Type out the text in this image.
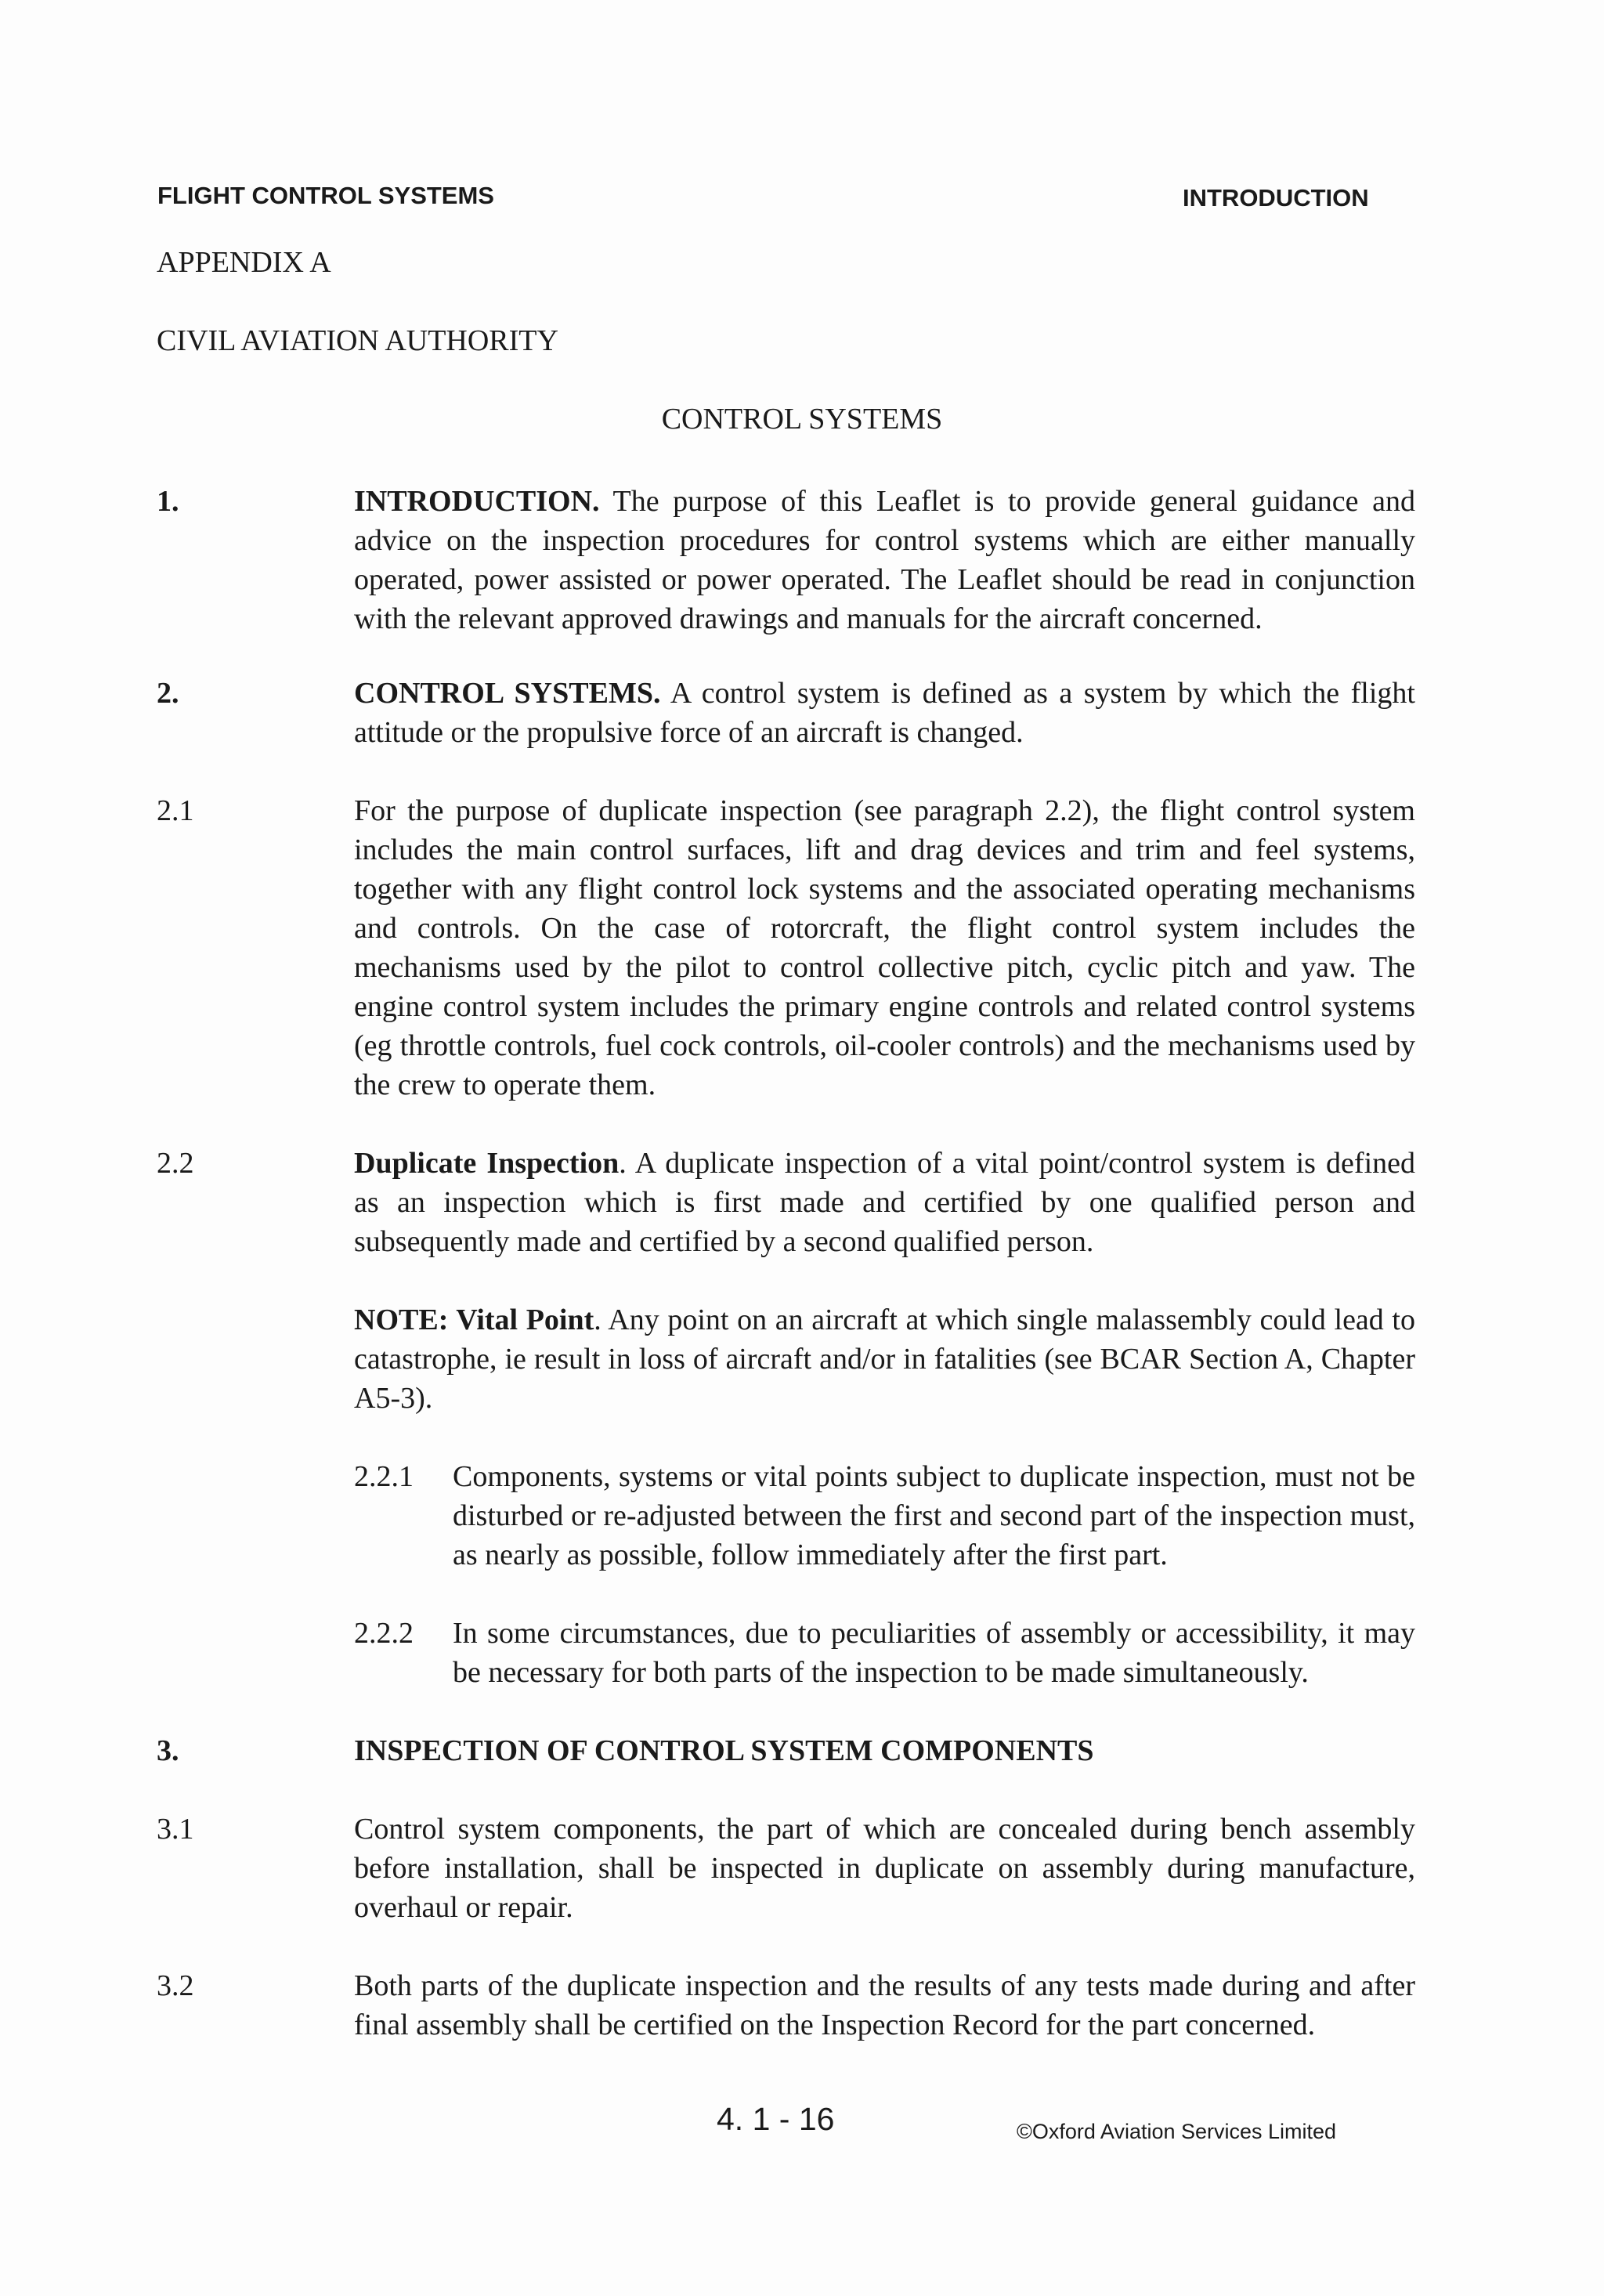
FLIGHT CONTROL SYSTEMS	INTRODUCTION
APPENDIX A
CIVIL AVIATION AUTHORITY
CONTROL SYSTEMS
1.	INTRODUCTION. The purpose of this Leaflet is to provide general guidance and advice on the inspection procedures for control systems which are either manually operated, power assisted or power operated. The Leaflet should be read in conjunction with the relevant approved drawings and manuals for the aircraft concerned.
2.	CONTROL SYSTEMS. A control system is defined as a system by which the flight attitude or the propulsive force of an aircraft is changed.
2.1	For the purpose of duplicate inspection (see paragraph 2.2), the flight control system includes the main control surfaces, lift and drag devices and trim and feel systems, together with any flight control lock systems and the associated operating mechanisms and controls. On the case of rotorcraft, the flight control system includes the mechanisms used by the pilot to control collective pitch, cyclic pitch and yaw. The engine control system includes the primary engine controls and related control systems (eg throttle controls, fuel cock controls, oil-cooler controls) and the mechanisms used by the crew to operate them.
2.2	Duplicate Inspection. A duplicate inspection of a vital point/control system is defined as an inspection which is first made and certified by one qualified person and subsequently made and certified by a second qualified person.
NOTE: Vital Point. Any point on an aircraft at which single malassembly could lead to catastrophe, ie result in loss of aircraft and/or in fatalities (see BCAR Section A, Chapter A5-3).
2.2.1	Components, systems or vital points subject to duplicate inspection, must not be disturbed or re-adjusted between the first and second part of the inspection must, as nearly as possible, follow immediately after the first part.
2.2.2	In some circumstances, due to peculiarities of assembly or accessibility, it may be necessary for both parts of the inspection to be made simultaneously.
3.	INSPECTION OF CONTROL SYSTEM COMPONENTS
3.1	Control system components, the part of which are concealed during bench assembly before installation, shall be inspected in duplicate on assembly during manufacture, overhaul or repair.
3.2	Both parts of the duplicate inspection and the results of any tests made during and after final assembly shall be certified on the Inspection Record for the part concerned.
4. 1 - 16	©Oxford Aviation Services Limited
